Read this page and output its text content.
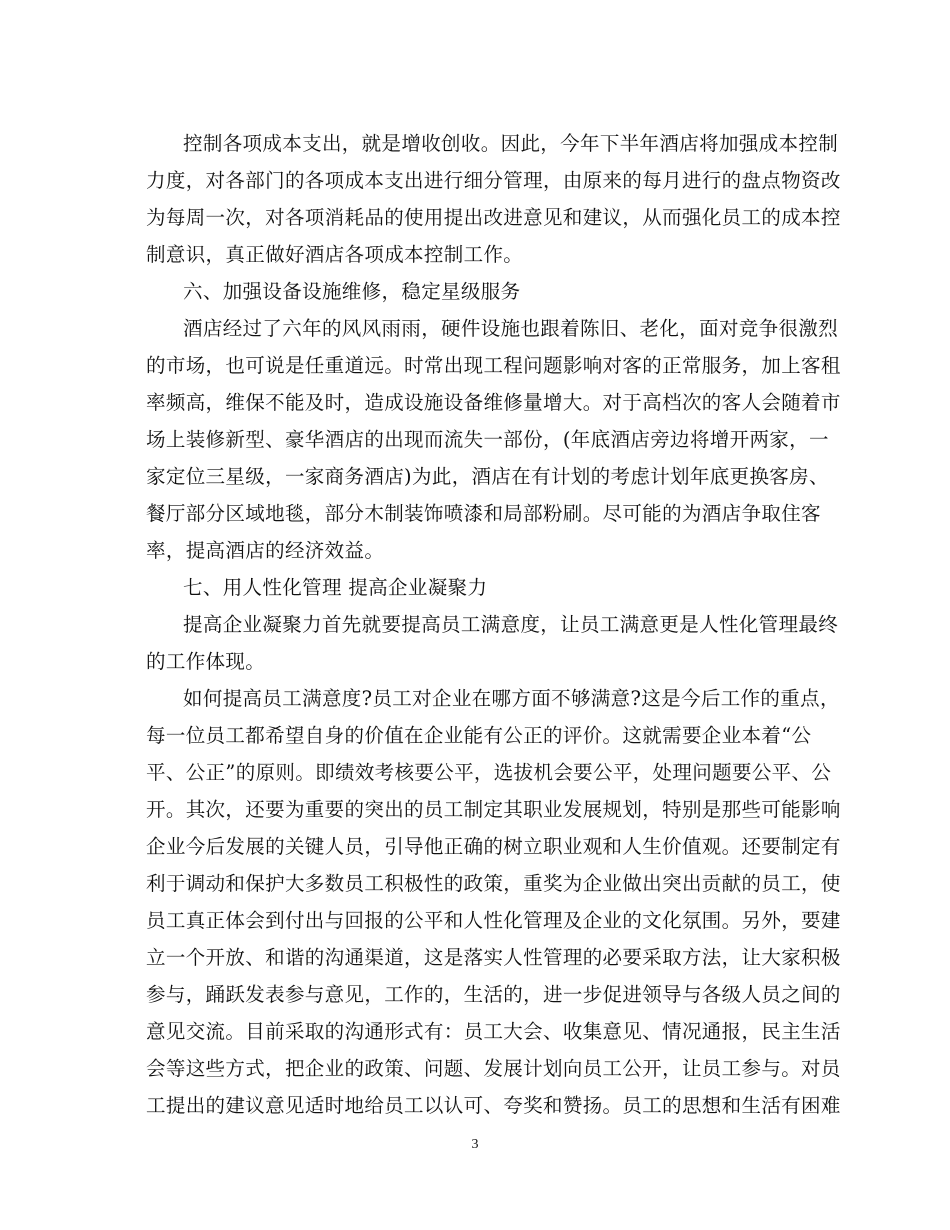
控制各项成本支出，就是增收创收。因此，今年下半年酒店将加强成本控制
力度，对各部门的各项成本支出进行细分管理，由原来的每月进行的盘点物资改
为每周一次，对各项消耗品的使用提出改进意见和建议，从而强化员工的成本控
制意识，真正做好酒店各项成本控制工作。
六、加强设备设施维修，稳定星级服务
酒店经过了六年的风风雨雨，硬件设施也跟着陈旧、老化，面对竞争很激烈
的市场，也可说是任重道远。时常出现工程问题影响对客的正常服务，加上客租
率频高，维保不能及时，造成设施设备维修量增大。对于高档次的客人会随着市
场上装修新型、豪华酒店的出现而流失一部份，(年底酒店旁边将增开两家，一
家定位三星级，一家商务酒店)为此，酒店在有计划的考虑计划年底更换客房、
餐厅部分区域地毯，部分木制装饰喷漆和局部粉刷。尽可能的为酒店争取住客
率，提高酒店的经济效益。
七、用人性化管理 提高企业凝聚力
提高企业凝聚力首先就要提高员工满意度，让员工满意更是人性化管理最终
的工作体现。
如何提高员工满意度?员工对企业在哪方面不够满意?这是今后工作的重点，
每一位员工都希望自身的价值在企业能有公正的评价。这就需要企业本着“公
平、公正”的原则。即绩效考核要公平，选拔机会要公平，处理问题要公平、公
开。其次，还要为重要的突出的员工制定其职业发展规划，特别是那些可能影响
企业今后发展的关键人员，引导他正确的树立职业观和人生价值观。还要制定有
利于调动和保护大多数员工积极性的政策，重奖为企业做出突出贡献的员工，使
员工真正体会到付出与回报的公平和人性化管理及企业的文化氛围。另外，要建
立一个开放、和谐的沟通渠道，这是落实人性管理的必要采取方法，让大家积极
参与，踊跃发表参与意见，工作的，生活的，进一步促进领导与各级人员之间的
意见交流。目前采取的沟通形式有：员工大会、收集意见、情况通报，民主生活
会等这些方式，把企业的政策、问题、发展计划向员工公开，让员工参与。对员
工提出的建议意见适时地给员工以认可、夸奖和赞扬。员工的思想和生活有困难
3
